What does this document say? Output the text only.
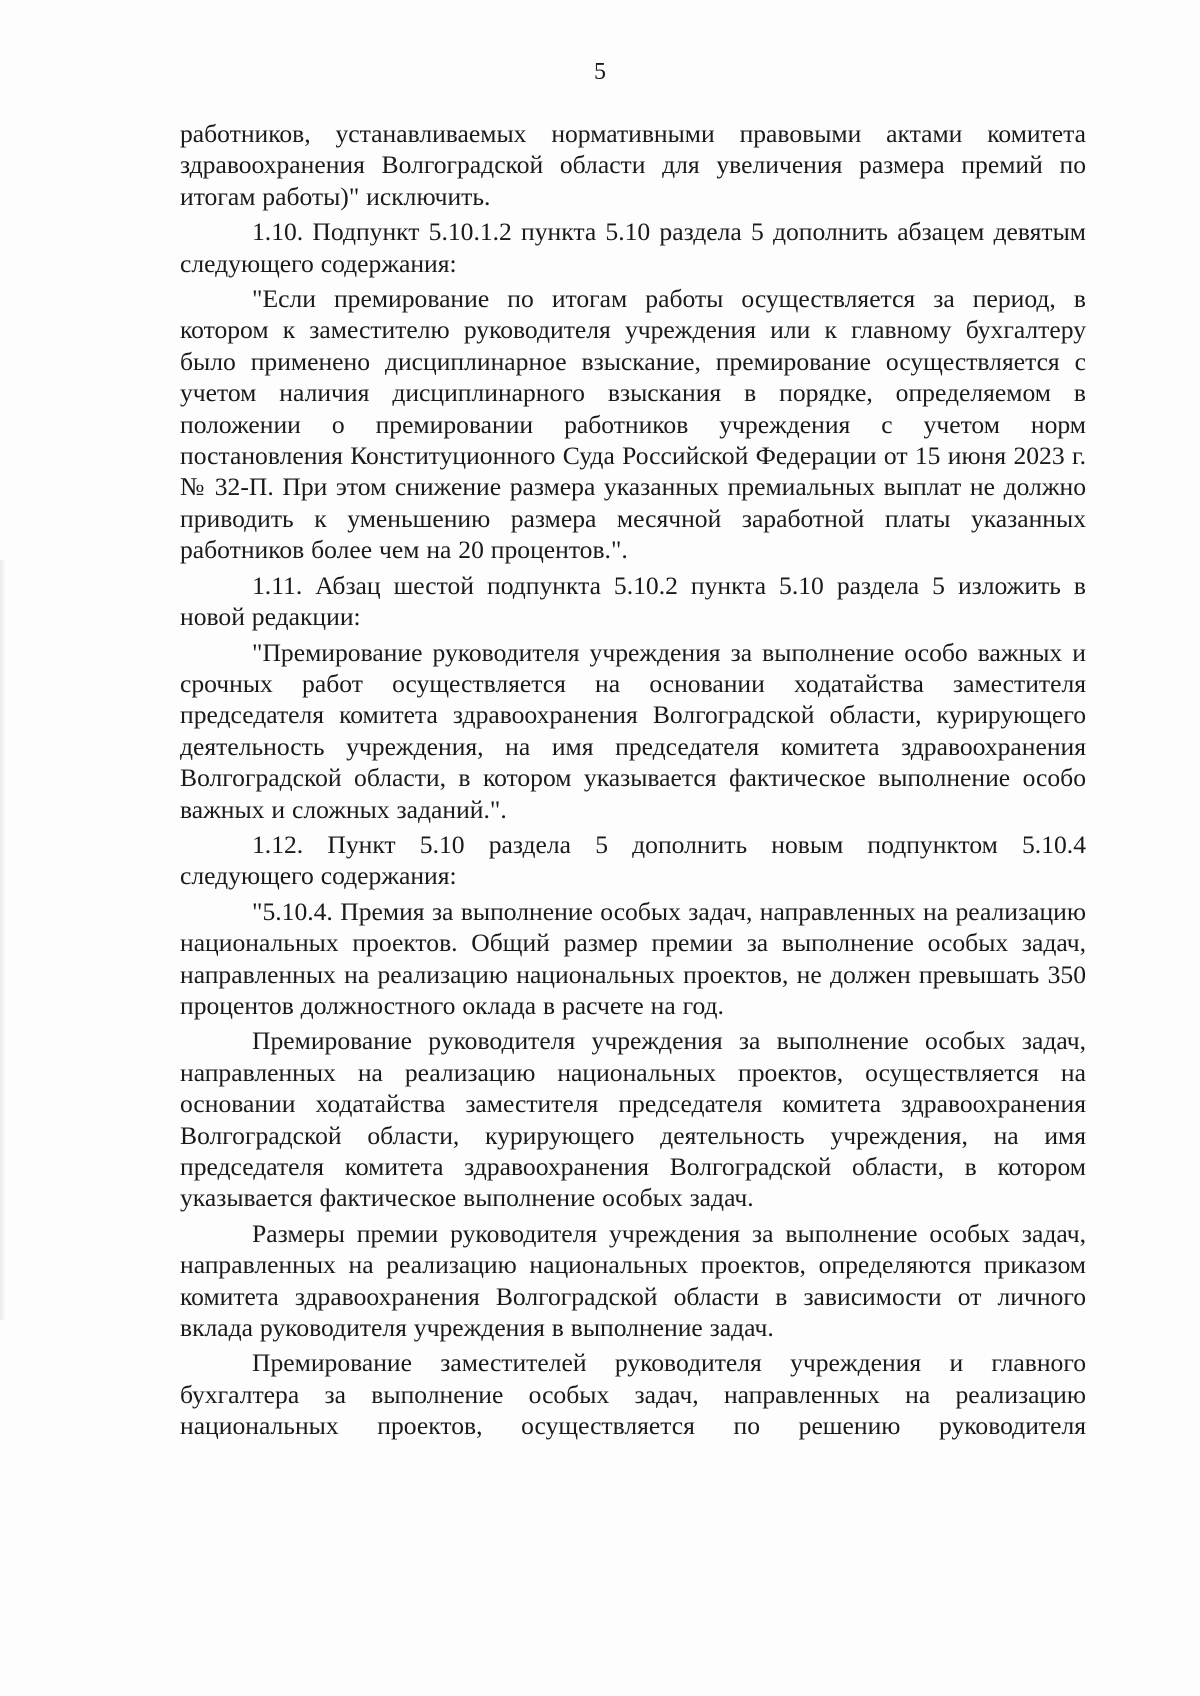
5

работников, устанавливаемых нормативными правовыми актами комитета здравоохранения Волгоградской области для увеличения размера премий по итогам работы)" исключить.

1.10. Подпункт 5.10.1.2 пункта 5.10 раздела 5 дополнить абзацем девятым следующего содержания:

"Если премирование по итогам работы осуществляется за период, в котором к заместителю руководителя учреждения или к главному бухгалтеру было применено дисциплинарное взыскание, премирование осуществляется с учетом наличия дисциплинарного взыскания в порядке, определяемом в положении о премировании работников учреждения с учетом норм постановления Конституционного Суда Российской Федерации от 15 июня 2023 г. № 32-П. При этом снижение размера указанных премиальных выплат не должно приводить к уменьшению размера месячной заработной платы указанных работников более чем на 20 процентов.".

1.11. Абзац шестой подпункта 5.10.2 пункта 5.10 раздела 5 изложить в новой редакции:

"Премирование руководителя учреждения за выполнение особо важных и срочных работ осуществляется на основании ходатайства заместителя председателя комитета здравоохранения Волгоградской области, курирующего деятельность учреждения, на имя председателя комитета здравоохранения Волгоградской области, в котором указывается фактическое выполнение особо важных и сложных заданий.".

1.12. Пункт 5.10 раздела 5 дополнить новым подпунктом 5.10.4 следующего содержания:

"5.10.4. Премия за выполнение особых задач, направленных на реализацию национальных проектов. Общий размер премии за выполнение особых задач, направленных на реализацию национальных проектов, не должен превышать 350 процентов должностного оклада в расчете на год.

Премирование руководителя учреждения за выполнение особых задач, направленных на реализацию национальных проектов, осуществляется на основании ходатайства заместителя председателя комитета здравоохранения Волгоградской области, курирующего деятельность учреждения, на имя председателя комитета здравоохранения Волгоградской области, в котором указывается фактическое выполнение особых задач.

Размеры премии руководителя учреждения за выполнение особых задач, направленных на реализацию национальных проектов, определяются приказом комитета здравоохранения Волгоградской области в зависимости от личного вклада руководителя учреждения в выполнение задач.

Премирование заместителей руководителя учреждения и главного бухгалтера за выполнение особых задач, направленных на реализацию национальных проектов, осуществляется по решению руководителя
